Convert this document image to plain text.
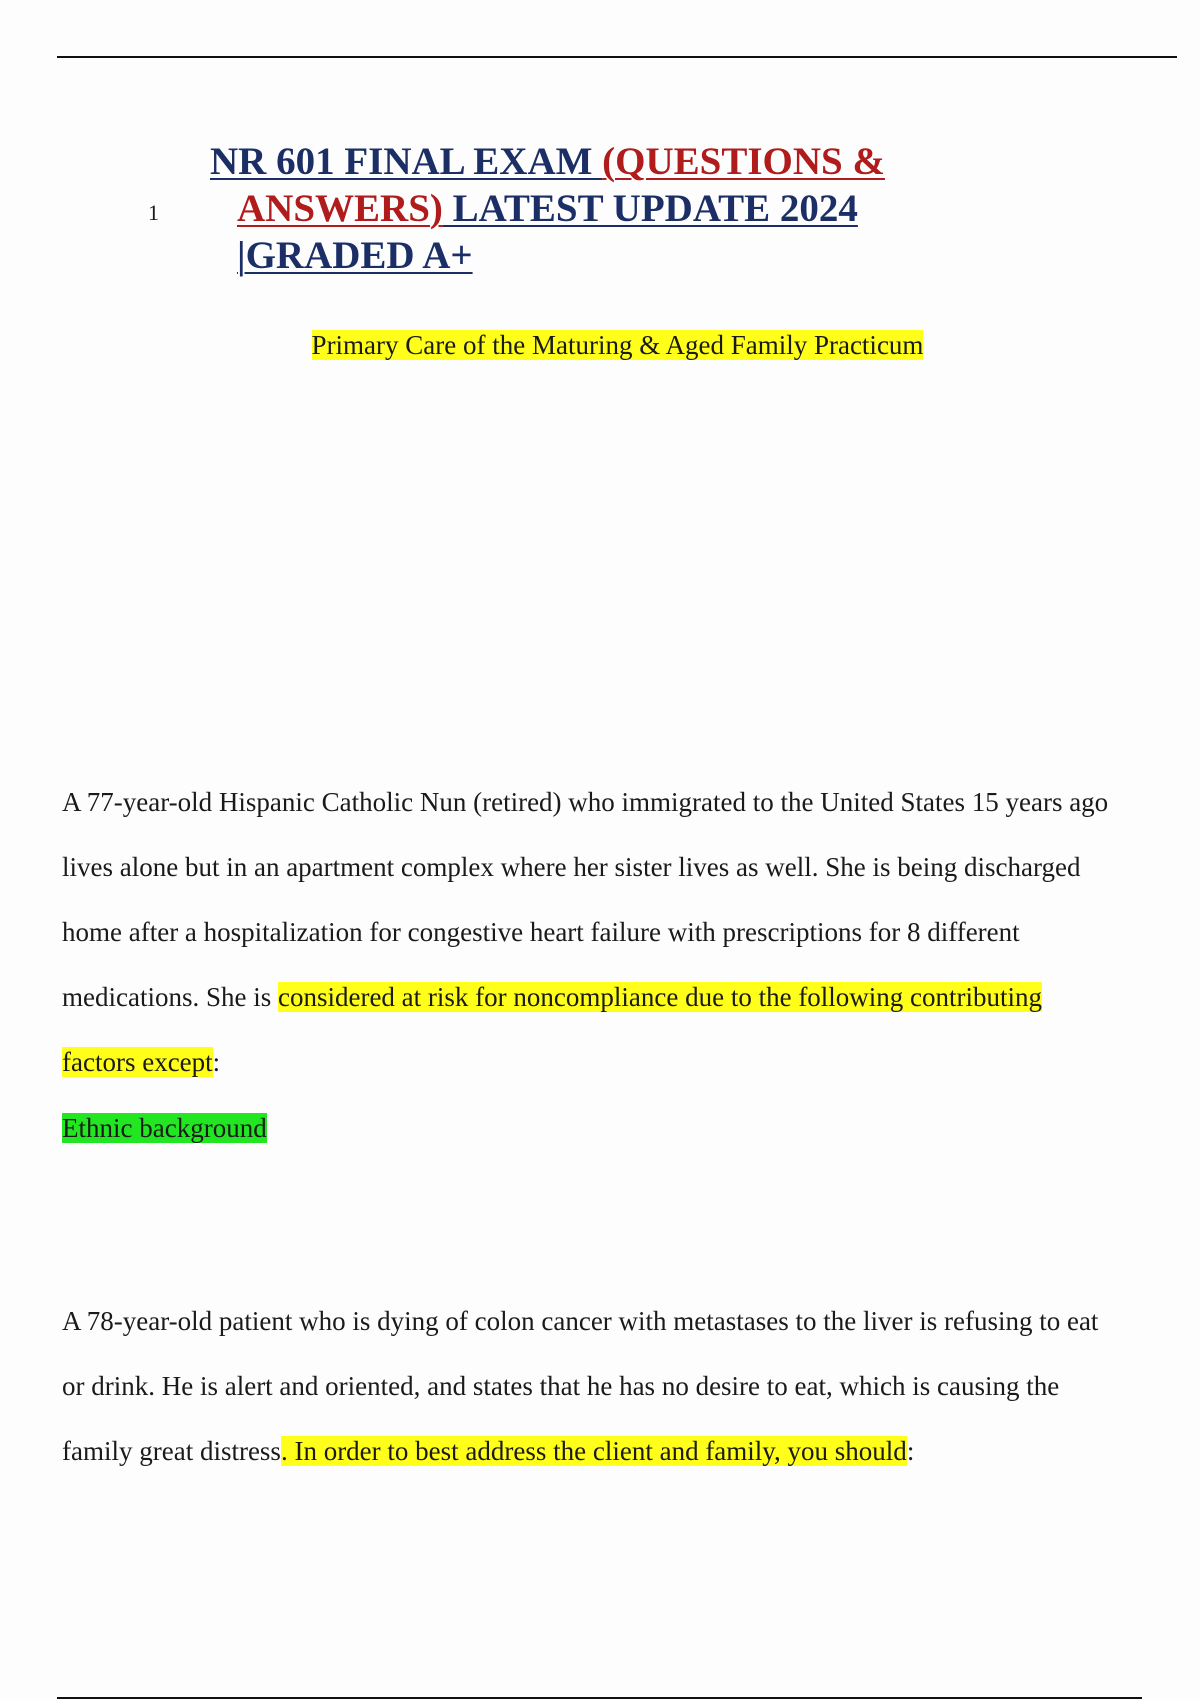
1
NR 601 FINAL EXAM (QUESTIONS &
ANSWERS) LATEST UPDATE 2024
|GRADED A+
Primary Care of the Maturing & Aged Family Practicum
A 77-year-old Hispanic Catholic Nun (retired) who immigrated to the United States 15 years ago lives alone but in an apartment complex where her sister lives as well. She is being discharged home after a hospitalization for congestive heart failure with prescriptions for 8 different medications. She is considered at risk for noncompliance due to the following contributing factors except:
Ethnic background
A 78-year-old patient who is dying of colon cancer with metastases to the liver is refusing to eat or drink. He is alert and oriented, and states that he has no desire to eat, which is causing the family great distress. In order to best address the client and family, you should:
